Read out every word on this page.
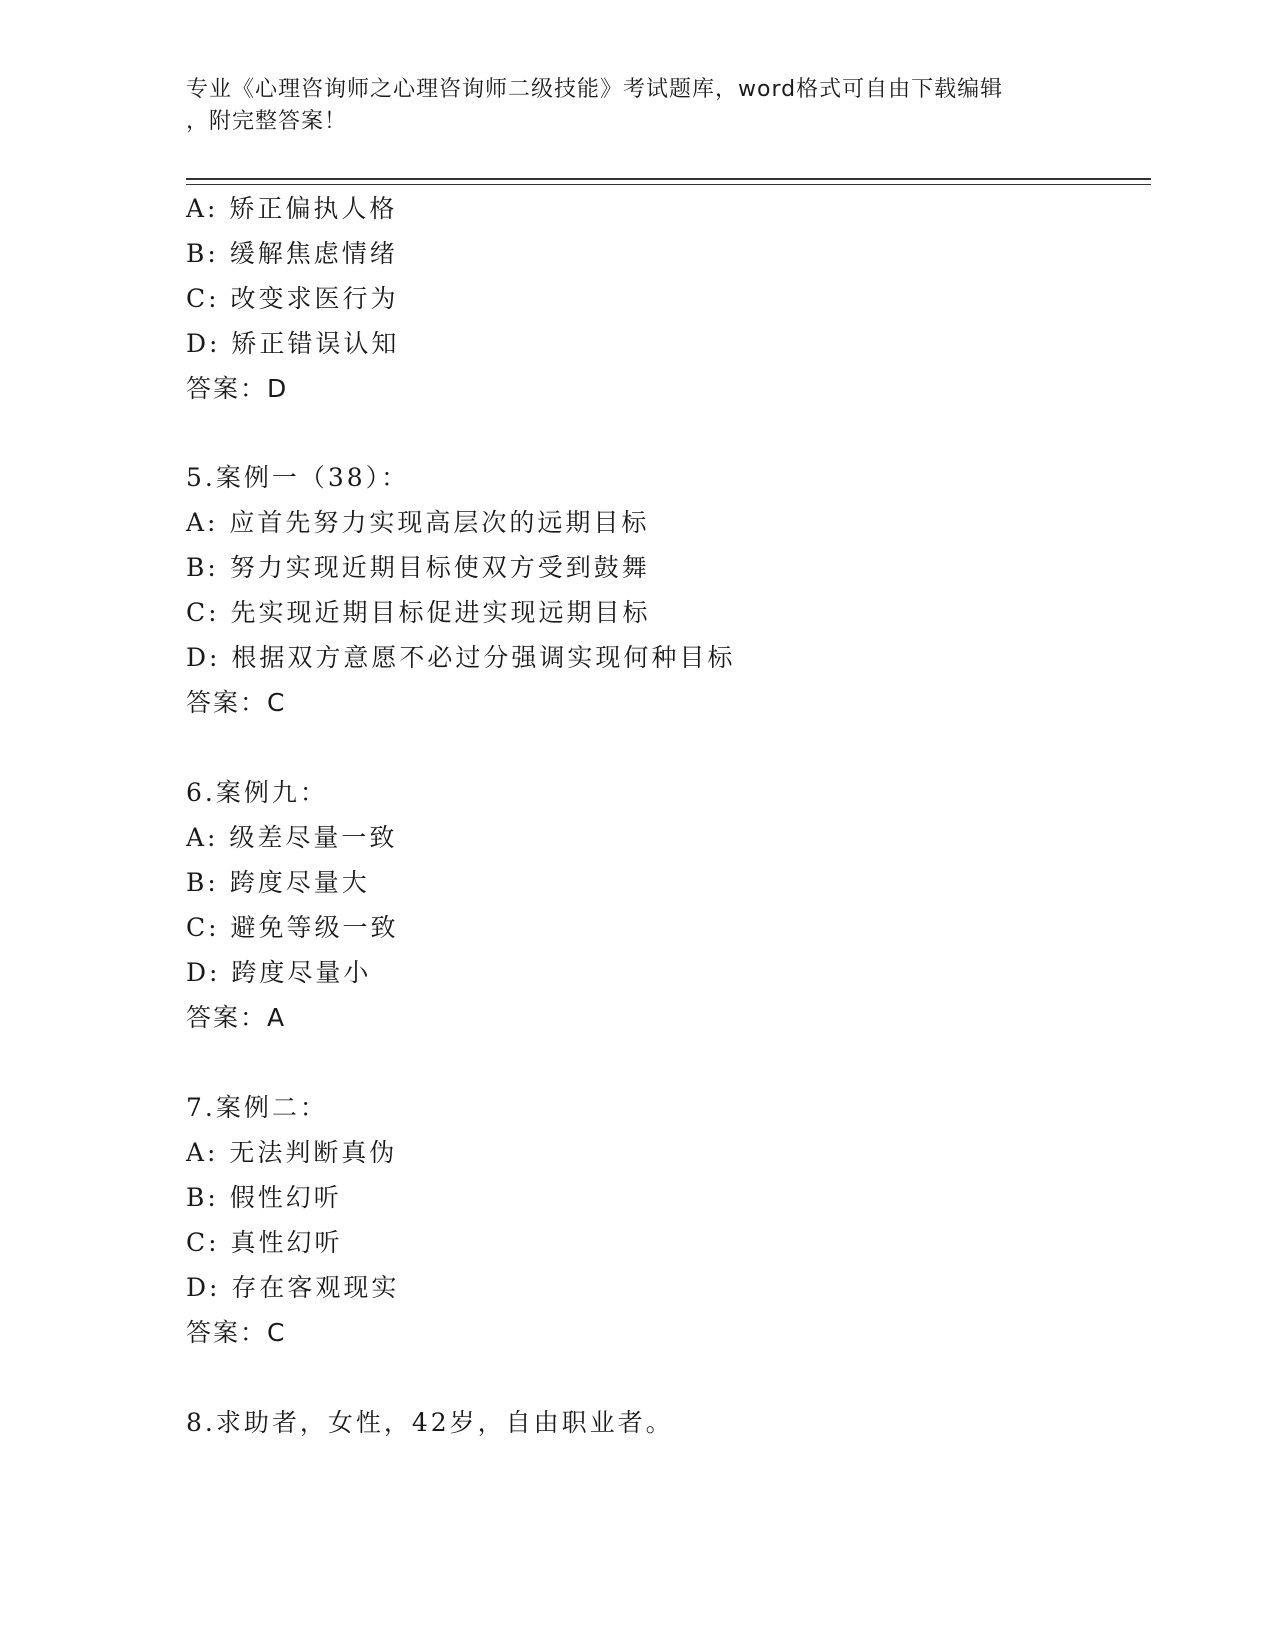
专业《心理咨询师之心理咨询师二级技能》考试题库，word格式可自由下载编辑
，附完整答案！
A: 矫正偏执人格
B: 缓解焦虑情绪
C: 改变求医行为
D: 矫正错误认知
答案：D
5.案例一（38）：
A: 应首先努力实现高层次的远期目标
B: 努力实现近期目标使双方受到鼓舞
C: 先实现近期目标促进实现远期目标
D: 根据双方意愿不必过分强调实现何种目标
答案：C
6.案例九：
A: 级差尽量一致
B: 跨度尽量大
C: 避免等级一致
D: 跨度尽量小
答案：A
7.案例二：
A: 无法判断真伪
B: 假性幻听
C: 真性幻听
D: 存在客观现实
答案：C
8.求助者，女性，42岁，自由职业者。
